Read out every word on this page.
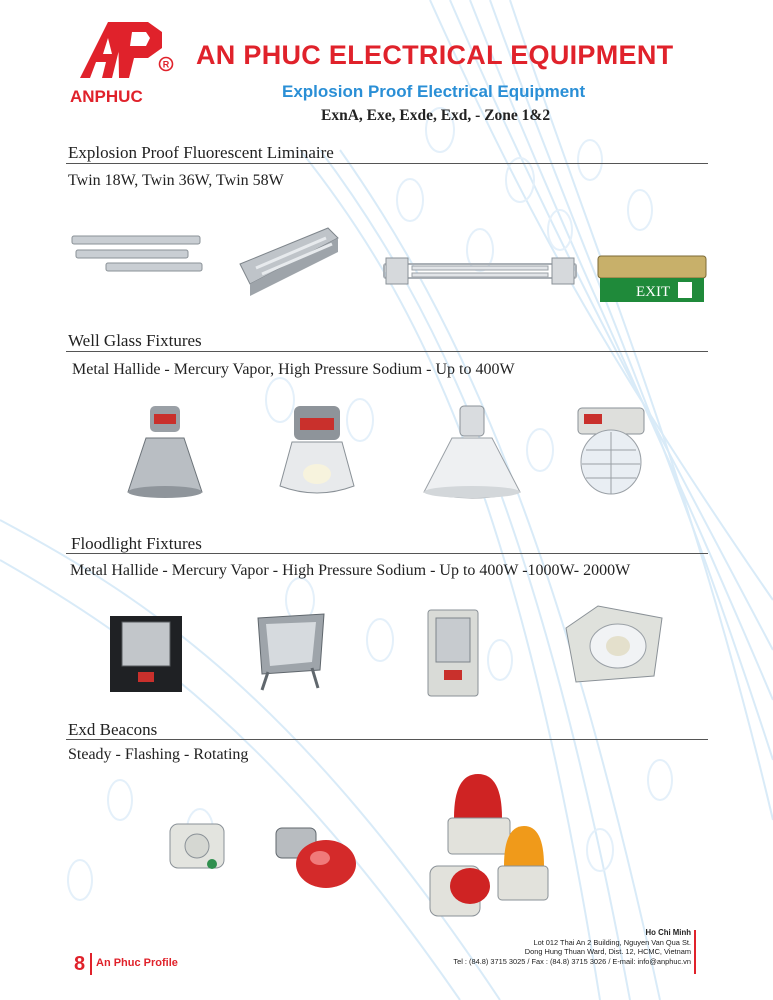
R
ANPHUC
AN PHUC ELECTRICAL EQUIPMENT
Explosion Proof Electrical Equipment
ExnA, Exe, Exde, Exd, - Zone 1&2
Explosion Proof Fluorescent Liminaire
Twin 18W, Twin 36W, Twin 58W
EXIT
Well Glass Fixtures
Metal Hallide - Mercury Vapor, High Pressure Sodium - Up to 400W
Floodlight Fixtures
Metal Hallide - Mercury Vapor - High Pressure Sodium - Up to 400W -1000W- 2000W
Exd Beacons
Steady - Flashing - Rotating
8 An Phuc Profile
Ho Chi Minh
Lot 012 Thai An 2 Building, Nguyen Van Qua St.
Dong Hung Thuan Ward, Dist. 12, HCMC, Vietnam
Tel : (84.8) 3715 3025 / Fax : (84.8) 3715 3026 / E-mail: info@anphuc.vn
